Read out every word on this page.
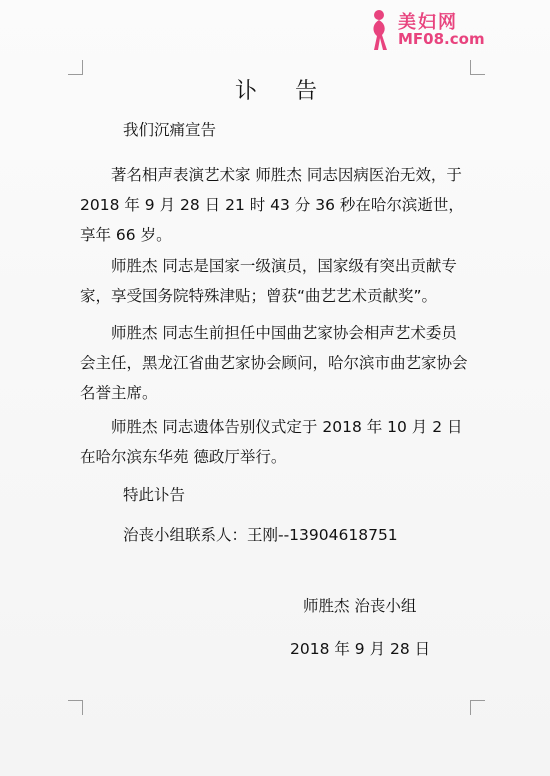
美妇网
MF08.com
讣告
我们沉痛宣告
著名相声表演艺术家 师胜杰 同志因病医治无效，于 2018 年 9 月 28 日 21 时 43 分 36 秒在哈尔滨逝世，享年 66 岁。
师胜杰 同志是国家一级演员，国家级有突出贡献专家，享受国务院特殊津贴；曾获“曲艺艺术贡献奖”。
师胜杰 同志生前担任中国曲艺家协会相声艺术委员会主任，黑龙江省曲艺家协会顾问，哈尔滨市曲艺家协会名誉主席。
师胜杰 同志遗体告别仪式定于 2018 年 10 月 2 日在哈尔滨东华苑 德政厅举行。
特此讣告
治丧小组联系人：王刚--13904618751
师胜杰 治丧小组
2018 年 9 月 28 日
